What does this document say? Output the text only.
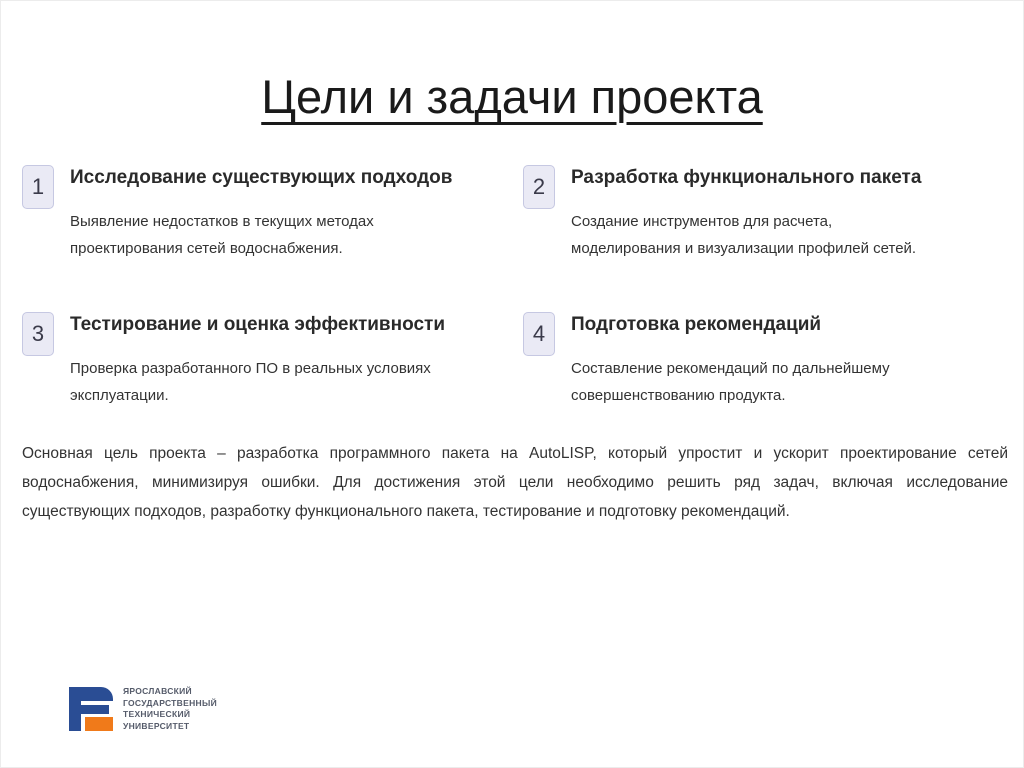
Цели и задачи проекта
1	Исследование существующих подходов
Выявление недостатков в текущих методах
проектирования сетей водоснабжения.
2	Разработка функционального пакета
Создание инструментов для расчета,
моделирования и визуализации профилей сетей.
3	Тестирование и оценка эффективности
Проверка разработанного ПО в реальных условиях
эксплуатации.
4	Подготовка рекомендаций
Составление рекомендаций по дальнейшему
совершенствованию продукта.
Основная цель проекта – разработка программного пакета на AutoLISP, который упростит и ускорит проектирование сетей водоснабжения, минимизируя ошибки. Для достижения этой цели необходимо решить ряд задач, включая исследование существующих подходов, разработку функционального пакета, тестирование и подготовку рекомендаций.
ЯРОСЛАВСКИЙ
ГОСУДАРСТВЕННЫЙ
ТЕХНИЧЕСКИЙ
УНИВЕРСИТЕТ
